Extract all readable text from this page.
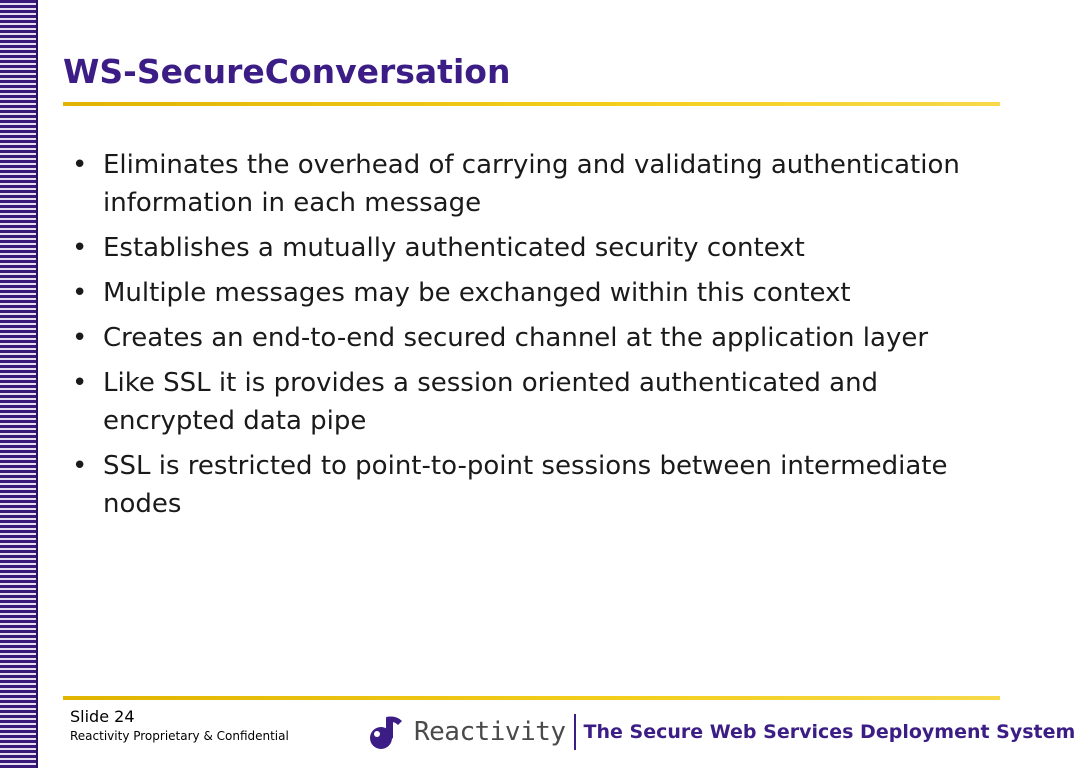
WS-SecureConversation
• Eliminates the overhead of carrying and validating authentication information in each message
• Establishes a mutually authenticated security context
• Multiple messages may be exchanged within this context
• Creates an end-to-end secured channel at the application layer
• Like SSL it is provides a session oriented authenticated and encrypted data pipe
• SSL is restricted to point-to-point sessions between intermediate nodes
Slide 24
Reactivity Proprietary & Confidential	Reactivity The Secure Web Services Deployment System
